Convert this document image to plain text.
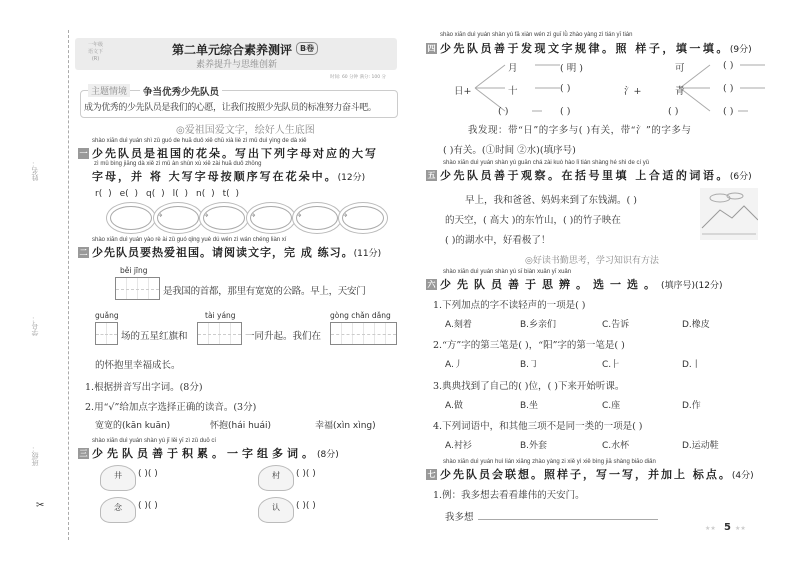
姓名：
学号：
班级：
✂
一年级
语文下
(R)
第二单元综合素养测评 B卷
素养提升与思维创新
时间: 60 分钟 满分: 100 分
主题情境	争当优秀少先队员
成为优秀的少先队员是我们的心愿，让我们按照少先队员的标准努力奋斗吧。
◎爱祖国爱文字，绘好人生底图
shào xiān duì yuán shì zǔ guó de huā duǒ xiě chū xià liè zì mǔ duì yìng de dà xiě
一 少先队员是祖国的花朵。写出下列字母对应的大写
zì mǔ bìng jiāng dà xiě zì mǔ àn shùn xù xiě zài huā duǒ zhōng
字母，并 将 大写字母按顺序写在花朵中。(12分)
r( ) e( ) q( ) l( ) n( ) t( )
→	→	→	→	→
shào xiān duì yuán yào rè ài zǔ guó qǐng yuè dú wén zì wán chéng liàn xí
二 少先队员要热爱祖国。请阅读文字，完 成 练习。(11分)
běi jīng
是我国的首都，那里有宽宽的公路。早上，天安门
guǎng
场的五星红旗和
tài yáng
一同升起。我们在
gòng chǎn dǎng
的怀抱里幸福成长。
1.根据拼音写出字词。(8分)
2.用“√”给加点字选择正确的读音。(3分)
宽宽的(kān kuān)	怀抱(hái huái)	幸福(xìn xìng)
shào xiān duì yuán shàn yú jī lěi yī zì zǔ duō cí
三 少先队员善于积累。一字组多词。(8分)
井	( )( )	村	( )( )
念	( )( )	认	( )( )
shào xiān duì yuán shàn yú fā xiàn wén zì guī lǜ zhào yàng zì tián yī tián
四 少先队员善于发现文字规律。照 样子，填一填。(9分)
日+
月
十
( )
( 明 )
( )
( )
氵+
可
青
( )
( )
( )
( )
我发现：带“日”的字多与( )有关，带“氵”的字多与
( )有关。(①时间 ②水)(填序号)
shào xiān duì yuán shàn yú guān chá zài kuò hào lǐ tián shàng hé shì de cí yǔ
五 少先队员善于观察。在括号里填 上合适的词语。(6分)
早上，我和爸爸、妈妈来到了东钱湖。( )
的天空，( 高大 )的东竹山，( )的竹子映在
( )的湖水中，好看极了！
◎好读书勤思考，学习知识有方法
shào xiān duì yuán shàn yú sī biàn xuǎn yī xuǎn
六 少先队员善于思辨。选一选。(填序号)(12分)
1.下列加点的字不读轻声的一项是( )
A.刻着	B.乡亲们	C.告诉	D.橡皮
2.“方”字的第三笔是( )，“阳”字的第一笔是( )
A.丿	B.㇆	C.⺊	D.丨
3.典典找到了自己的( )位，( )下来开始听课。
A.做	B.坐	C.座	D.作
4.下列词语中，和其他三项不是同一类的一项是( )
A.衬衫	B.外套	C.水杯	D.运动鞋
shào xiān duì yuán huì lián xiǎng zhào yàng zi xiě yì xiě bìng jiā shàng biāo diǎn
七 少先队员会联想。照样子，写一写，并加上 标点。(4分)
1.例：我多想去看看雄伟的天安门。
我多想
★★ 5 ★★
